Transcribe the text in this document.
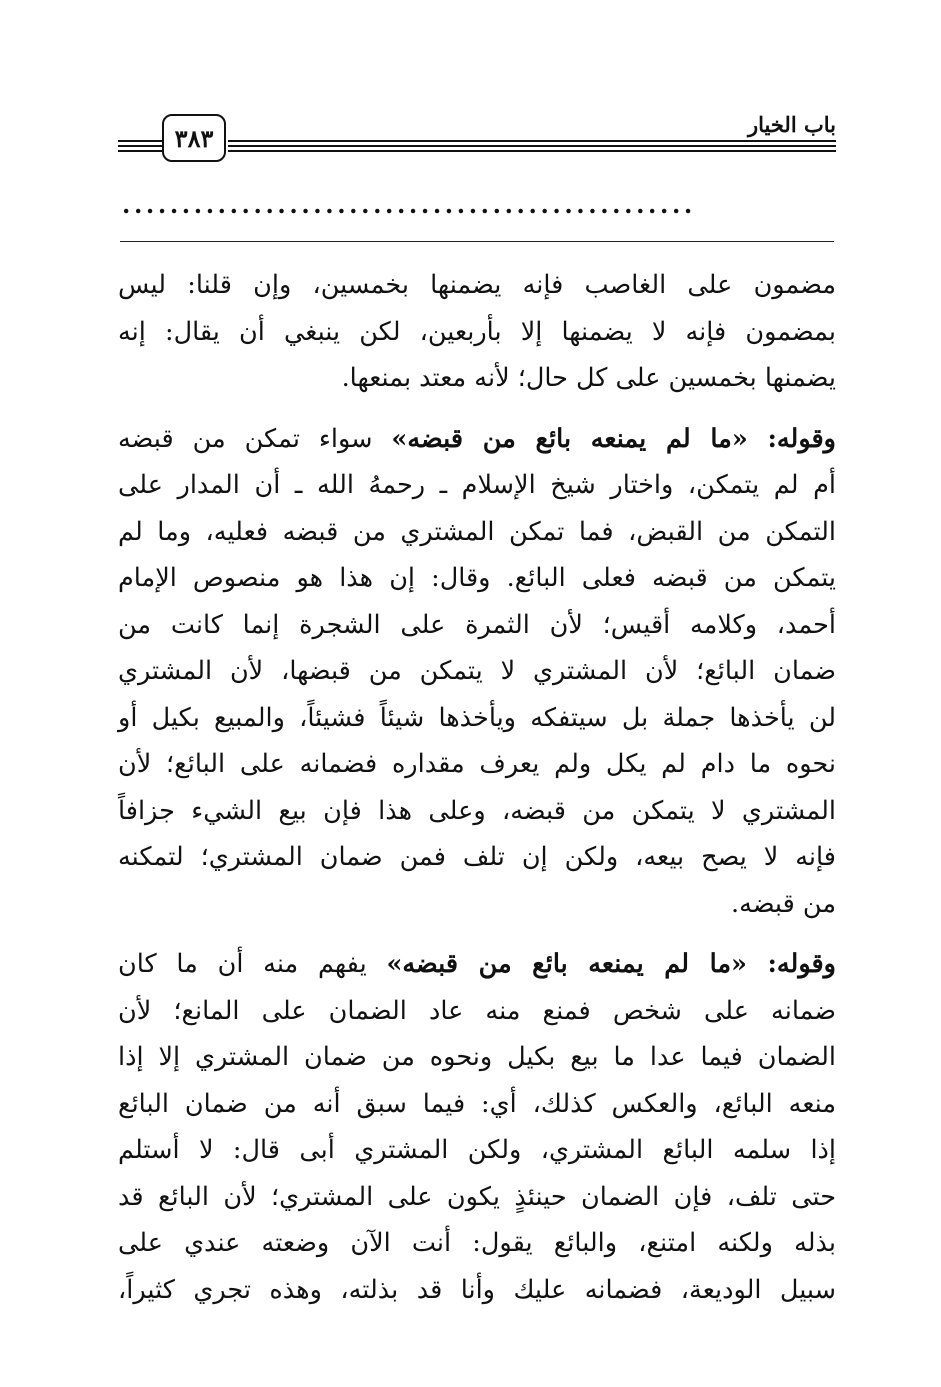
٣٨٣	باب الخيار
................................................

مضمون على الغاصب فإنه يضمنها بخمسين، وإن قلنا: ليس
بمضمون فإنه لا يضمنها إلا بأربعين، لكن ينبغي أن يقال: إنه
يضمنها بخمسين على كل حال؛ لأنه معتد بمنعها.

وقوله: «ما لم يمنعه بائع من قبضه» سواء تمكن من قبضه
أم لم يتمكن، واختار شيخ الإسلام ـ رحمهُ الله ـ أن المدار على
التمكن من القبض، فما تمكن المشتري من قبضه فعليه، وما لم
يتمكن من قبضه فعلى البائع. وقال: إن هذا هو منصوص الإمام
أحمد، وكلامه أقيس؛ لأن الثمرة على الشجرة إنما كانت من
ضمان البائع؛ لأن المشتري لا يتمكن من قبضها، لأن المشتري
لن يأخذها جملة بل سيتفكه ويأخذها شيئاً فشيئاً، والمبيع بكيل أو
نحوه ما دام لم يكل ولم يعرف مقداره فضمانه على البائع؛ لأن
المشتري لا يتمكن من قبضه، وعلى هذا فإن بيع الشيء جزافاً
فإنه لا يصح بيعه، ولكن إن تلف فمن ضمان المشتري؛ لتمكنه
من قبضه.

وقوله: «ما لم يمنعه بائع من قبضه» يفهم منه أن ما كان
ضمانه على شخص فمنع منه عاد الضمان على المانع؛ لأن
الضمان فيما عدا ما بيع بكيل ونحوه من ضمان المشتري إلا إذا
منعه البائع، والعكس كذلك، أي: فيما سبق أنه من ضمان البائع
إذا سلمه البائع المشتري، ولكن المشتري أبى قال: لا أستلم
حتى تلف، فإن الضمان حينئذٍ يكون على المشتري؛ لأن البائع قد
بذله ولكنه امتنع، والبائع يقول: أنت الآن وضعته عندي على
سبيل الوديعة، فضمانه عليك وأنا قد بذلته، وهذه تجري كثيراً،
